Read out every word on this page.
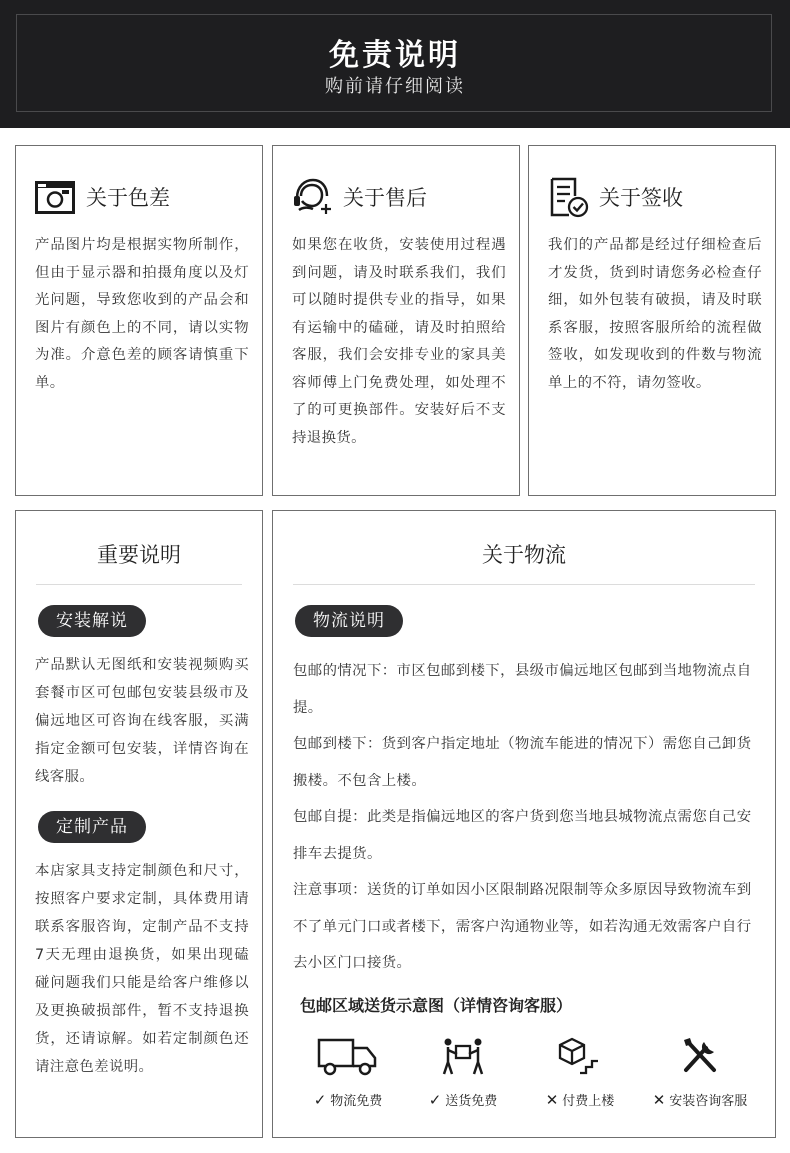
免责说明
购前请仔细阅读
关于色差
产品图片均是根据实物所制作，但由于显示器和拍摄角度以及灯光问题，导致您收到的产品会和图片有颜色上的不同，请以实物为准。介意色差的顾客请慎重下单。
关于售后
如果您在收货，安装使用过程遇到问题，请及时联系我们，我们可以随时提供专业的指导，如果有运输中的磕碰，请及时拍照给客服，我们会安排专业的家具美容师傅上门免费处理，如处理不了的可更换部件。安装好后不支持退换货。
关于签收
我们的产品都是经过仔细检查后才发货，货到时请您务必检查仔细，如外包装有破损，请及时联系客服，按照客服所给的流程做签收，如发现收到的件数与物流单上的不符，请勿签收。
重要说明
安装解说
产品默认无图纸和安装视频购买套餐市区可包邮包安装县级市及偏远地区可咨询在线客服，买满指定金额可包安装，详情咨询在线客服。
定制产品
本店家具支持定制颜色和尺寸，按照客户要求定制，具体费用请联系客服咨询，定制产品不支持7天无理由退换货，如果出现磕碰问题我们只能是给客户维修以及更换破损部件，暂不支持退换货，还请谅解。如若定制颜色还请注意色差说明。
关于物流
物流说明
包邮的情况下：市区包邮到楼下，县级市偏远地区包邮到当地物流点自提。
包邮到楼下：货到客户指定地址（物流车能进的情况下）需您自己卸货搬楼。不包含上楼。
包邮自提：此类是指偏远地区的客户货到您当地县城物流点需您自己安排车去提货。
注意事项：送货的订单如因小区限制路况限制等众多原因导致物流车到不了单元门口或者楼下，需客户沟通物业等，如若沟通无效需客户自行去小区门口接货。
包邮区域送货示意图（详情咨询客服）
✓ 物流免费	✓ 送货免费	✕ 付费上楼	✕ 安装咨询客服
